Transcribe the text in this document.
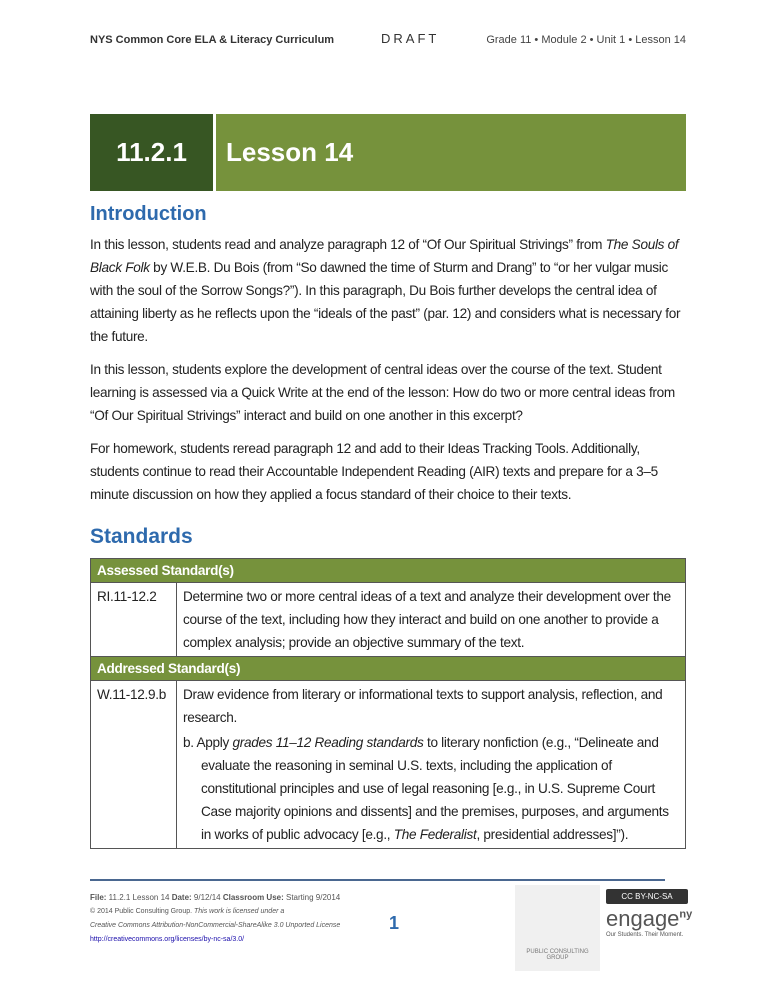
NYS Common Core ELA & Literacy Curriculum	DRAFT	Grade 11 • Module 2 • Unit 1 • Lesson 14
11.2.1	Lesson 14
Introduction
In this lesson, students read and analyze paragraph 12 of “Of Our Spiritual Strivings” from The Souls of Black Folk by W.E.B. Du Bois (from “So dawned the time of Sturm and Drang” to “or her vulgar music with the soul of the Sorrow Songs?”). In this paragraph, Du Bois further develops the central idea of attaining liberty as he reflects upon the “ideals of the past” (par. 12) and considers what is necessary for the future.
In this lesson, students explore the development of central ideas over the course of the text. Student learning is assessed via a Quick Write at the end of the lesson: How do two or more central ideas from “Of Our Spiritual Strivings” interact and build on one another in this excerpt?
For homework, students reread paragraph 12 and add to their Ideas Tracking Tools. Additionally, students continue to read their Accountable Independent Reading (AIR) texts and prepare for a 3–5 minute discussion on how they applied a focus standard of their choice to their texts.
Standards
Assessed Standard(s)	
RI.11-12.2	Determine two or more central ideas of a text and analyze their development over the course of the text, including how they interact and build on one another to provide a complex analysis; provide an objective summary of the text.
Addressed Standard(s)	
W.11-12.9.b	Draw evidence from literary or informational texts to support analysis, reflection, and research.
b. Apply grades 11–12 Reading standards to literary nonfiction (e.g., “Delineate and evaluate the reasoning in seminal U.S. texts, including the application of constitutional principles and use of legal reasoning [e.g., in U.S. Supreme Court Case majority opinions and dissents] and the premises, purposes, and arguments in works of public advocacy [e.g., The Federalist, presidential addresses]”).
File: 11.2.1 Lesson 14 Date: 9/12/14 Classroom Use: Starting 9/2014
© 2014 Public Consulting Group. This work is licensed under a
Creative Commons Attribution-NonCommercial-ShareAlike 3.0 Unported License
http://creativecommons.org/licenses/by-nc-sa/3.0/
1
PUBLIC CONSULTING GROUP
CC BY-NC-SA
engage$^{ny}$
Our Students. Their Moment.
